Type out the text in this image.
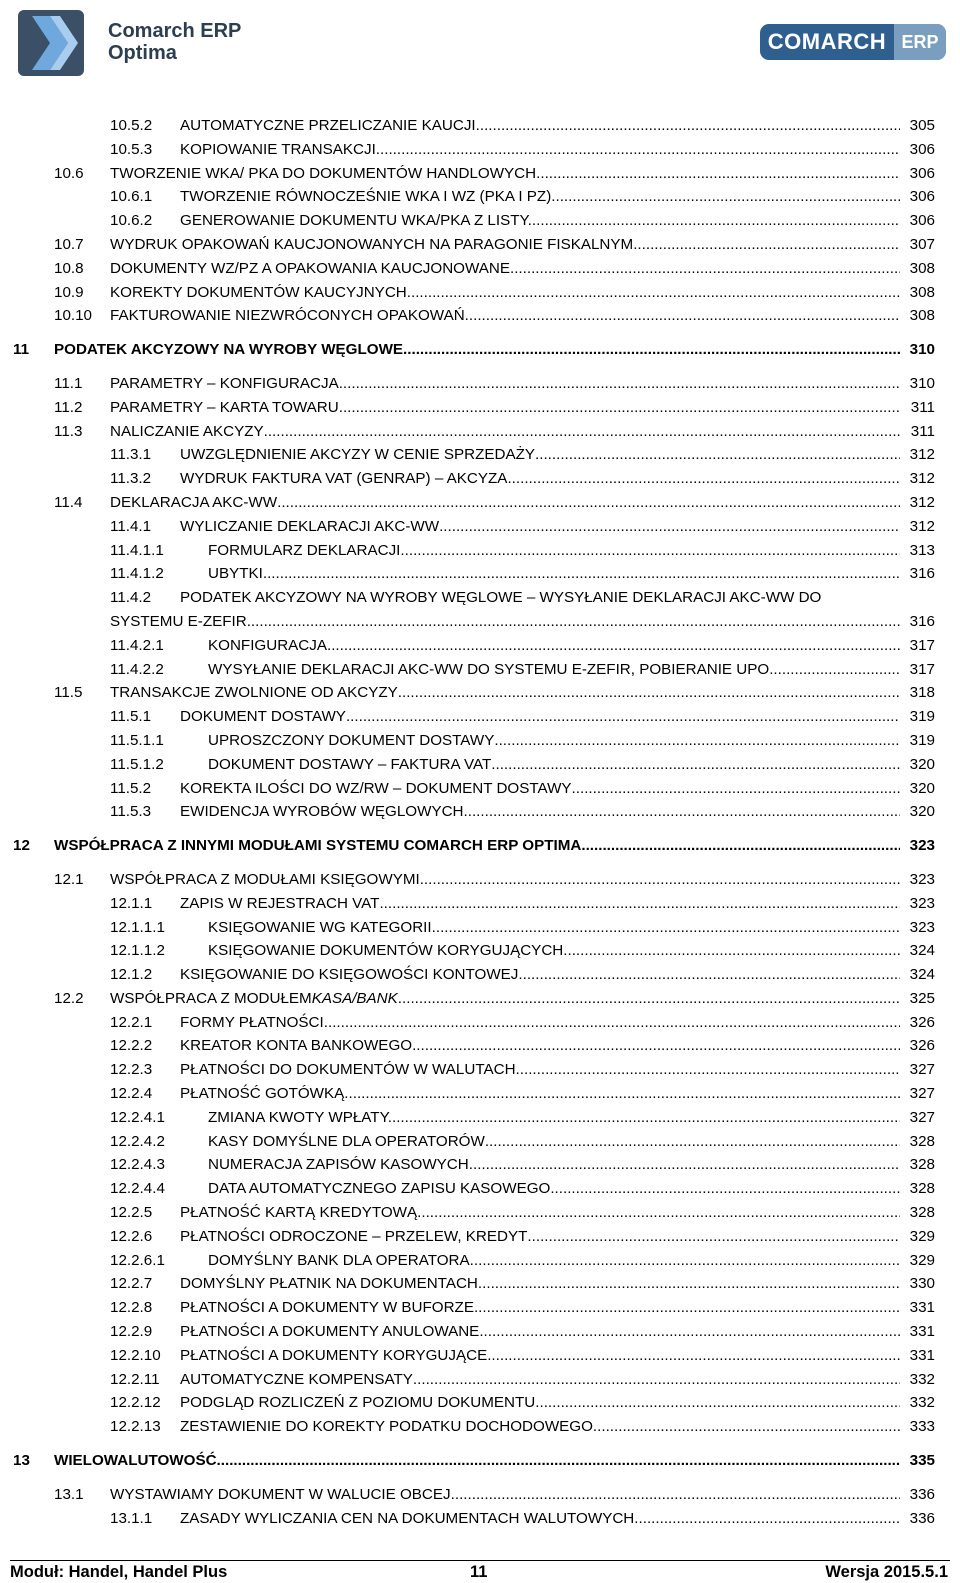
Comarch ERP
Optima	COMARCH ERP
10.5.2 AUTOMATYCZNE PRZELICZANIE KAUCJI .....	305
10.5.3 KOPIOWANIE TRANSAKCJI .....	306
10.6 TWORZENIE WKA/ PKA DO DOKUMENTÓW HANDLOWYCH .....	306
10.6.1 TWORZENIE RÓWNOCZEŚNIE WKA I WZ (PKA I PZ) .....	306
10.6.2 GENEROWANIE DOKUMENTU WKA/PKA Z LISTY. .....	306
10.7 WYDRUK OPAKOWAŃ KAUCJONOWANYCH NA PARAGONIE FISKALNYM .....	307
10.8 DOKUMENTY WZ/PZ A OPAKOWANIA KAUCJONOWANE .....	308
10.9 KOREKTY DOKUMENTÓW KAUCYJNYCH. .....	308
10.10 FAKTUROWANIE NIEZWRÓCONYCH OPAKOWAŃ .....	308
11 PODATEK AKCYZOWY NA WYROBY WĘGLOWE .....	310
11.1 PARAMETRY – KONFIGURACJA .....	310
11.2 PARAMETRY – KARTA TOWARU .....	311
11.3 NALICZANIE AKCYZY .....	311
11.3.1 UWZGLĘDNIENIE AKCYZY W CENIE SPRZEDAŻY .....	312
11.3.2 WYDRUK FAKTURA VAT (GENRAP) – AKCYZA .....	312
11.4 DEKLARACJA AKC-WW .....	312
11.4.1 WYLICZANIE DEKLARACJI AKC-WW .....	312
11.4.1.1	FORMULARZ DEKLARACJI .....	313
11.4.1.2	UBYTKI .....	316
11.4.2 PODATEK AKCYZOWY NA WYROBY WĘGLOWE – WYSYŁANIE DEKLARACJI AKC-WW DO
SYSTEMU E-ZEFIR .....	316
11.4.2.1	KONFIGURACJA .....	317
11.4.2.2	WYSYŁANIE DEKLARACJI AKC-WW DO SYSTEMU E-ZEFIR, POBIERANIE UPO .....	317
11.5 TRANSAKCJE ZWOLNIONE OD AKCYZY .....	318
11.5.1 DOKUMENT DOSTAWY .....	319
11.5.1.1	UPROSZCZONY DOKUMENT DOSTAWY .....	319
11.5.1.2	DOKUMENT DOSTAWY – FAKTURA VAT .....	320
11.5.2 KOREKTA ILOŚCI DO WZ/RW – DOKUMENT DOSTAWY .....	320
11.5.3 EWIDENCJA WYROBÓW WĘGLOWYCH .....	320
12 WSPÓŁPRACA Z INNYMI MODUŁAMI SYSTEMU COMARCH ERP OPTIMA .....	323
12.1 WSPÓŁPRACA Z MODUŁAMI KSIĘGOWYMI .....	323
12.1.1 ZAPIS W REJESTRACH VAT .....	323
12.1.1.1	KSIĘGOWANIE WG KATEGORII .....	323
12.1.1.2	KSIĘGOWANIE DOKUMENTÓW KORYGUJĄCYCH .....	324
12.1.2 KSIĘGOWANIE DO KSIĘGOWOŚCI KONTOWEJ .....	324
12.2 WSPÓŁPRACA Z MODUŁEM KASA/BANK .....	325
12.2.1 FORMY PŁATNOŚCI .....	326
12.2.2 KREATOR KONTA BANKOWEGO .....	326
12.2.3 PŁATNOŚCI DO DOKUMENTÓW W WALUTACH .....	327
12.2.4 PŁATNOŚĆ GOTÓWKĄ .....	327
12.2.4.1	ZMIANA KWOTY WPŁATY. .....	327
12.2.4.2	KASY DOMYŚLNE DLA OPERATORÓW .....	328
12.2.4.3	NUMERACJA ZAPISÓW KASOWYCH .....	328
12.2.4.4	DATA AUTOMATYCZNEGO ZAPISU KASOWEGO. .....	328
12.2.5 PŁATNOŚĆ KARTĄ KREDYTOWĄ .....	328
12.2.6 PŁATNOŚCI ODROCZONE – PRZELEW, KREDYT .....	329
12.2.6.1	DOMYŚLNY BANK DLA OPERATORA .....	329
12.2.7 DOMYŚLNY PŁATNIK NA DOKUMENTACH .....	330
12.2.8 PŁATNOŚCI A DOKUMENTY W BUFORZE .....	331
12.2.9 PŁATNOŚCI A DOKUMENTY ANULOWANE .....	331
12.2.10 PŁATNOŚCI A DOKUMENTY KORYGUJĄCE .....	331
12.2.11 AUTOMATYCZNE KOMPENSATY .....	332
12.2.12 PODGLĄD ROZLICZEŃ Z POZIOMU DOKUMENTU .....	332
12.2.13 ZESTAWIENIE DO KOREKTY PODATKU DOCHODOWEGO .....	333
13 WIELOWALUTOWOŚĆ .....	335
13.1 WYSTAWIAMY DOKUMENT W WALUCIE OBCEJ .....	336
13.1.1 ZASADY WYLICZANIA CEN NA DOKUMENTACH WALUTOWYCH .....	336
Moduł: Handel, Handel Plus	11	Wersja 2015.5.1
